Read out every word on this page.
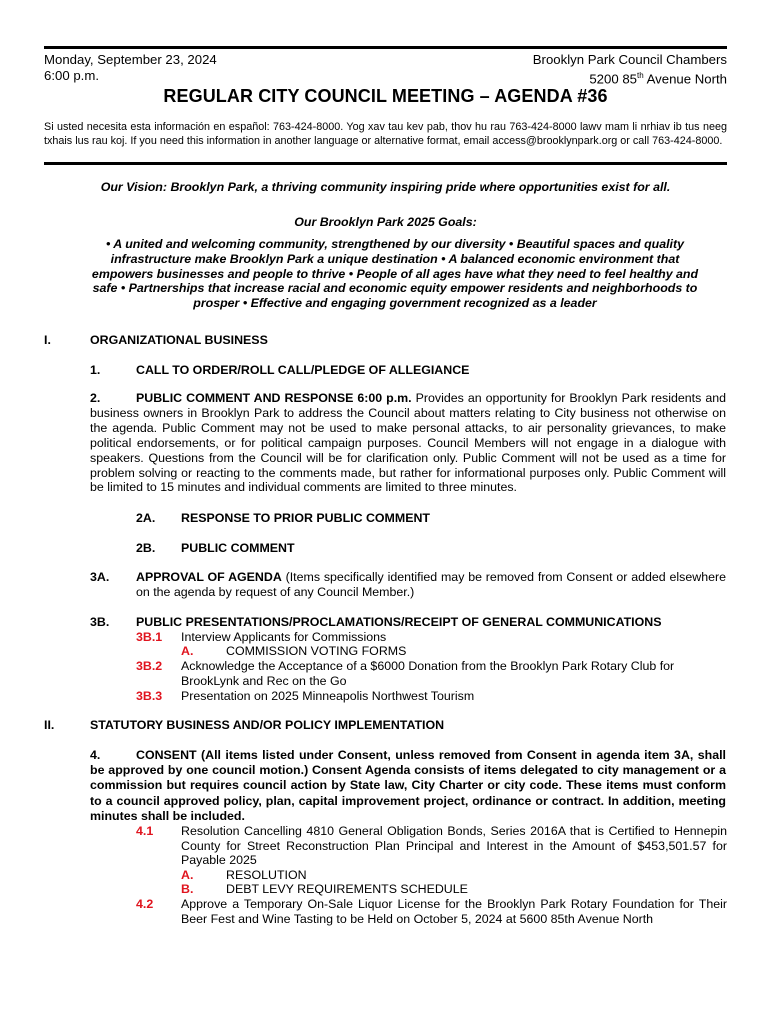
Monday, September 23, 2024
6:00 p.m.
Brooklyn Park Council Chambers
5200 85th Avenue North
REGULAR CITY COUNCIL MEETING – AGENDA #36
Si usted necesita esta información en español: 763-424-8000. Yog xav tau kev pab, thov hu rau 763-424-8000 lawv mam li nrhiav ib tus neeg txhais lus rau koj. If you need this information in another language or alternative format, email access@brooklynpark.org or call 763-424-8000.
Our Vision: Brooklyn Park, a thriving community inspiring pride where opportunities exist for all.
Our Brooklyn Park 2025 Goals:
• A united and welcoming community, strengthened by our diversity • Beautiful spaces and quality infrastructure make Brooklyn Park a unique destination • A balanced economic environment that empowers businesses and people to thrive • People of all ages have what they need to feel healthy and safe • Partnerships that increase racial and economic equity empower residents and neighborhoods to prosper • Effective and engaging government recognized as a leader
I.	ORGANIZATIONAL BUSINESS
1.	CALL TO ORDER/ROLL CALL/PLEDGE OF ALLEGIANCE
2.	PUBLIC COMMENT AND RESPONSE 6:00 p.m. Provides an opportunity for Brooklyn Park residents and business owners in Brooklyn Park to address the Council about matters relating to City business not otherwise on the agenda. Public Comment may not be used to make personal attacks, to air personality grievances, to make political endorsements, or for political campaign purposes. Council Members will not engage in a dialogue with speakers. Questions from the Council will be for clarification only. Public Comment will not be used as a time for problem solving or reacting to the comments made, but rather for informational purposes only. Public Comment will be limited to 15 minutes and individual comments are limited to three minutes.
2A. RESPONSE TO PRIOR PUBLIC COMMENT
2B. PUBLIC COMMENT
3A. APPROVAL OF AGENDA (Items specifically identified may be removed from Consent or added elsewhere on the agenda by request of any Council Member.)
3B. PUBLIC PRESENTATIONS/PROCLAMATIONS/RECEIPT OF GENERAL COMMUNICATIONS
3B.1 Interview Applicants for Commissions
A.	COMMISSION VOTING FORMS
3B.2 Acknowledge the Acceptance of a $6000 Donation from the Brooklyn Park Rotary Club for
BrookLynk and Rec on the Go
3B.3 Presentation on 2025 Minneapolis Northwest Tourism
II.	STATUTORY BUSINESS AND/OR POLICY IMPLEMENTATION
4.	CONSENT (All items listed under Consent, unless removed from Consent in agenda item 3A, shall be approved by one council motion.) Consent Agenda consists of items delegated to city management or a commission but requires council action by State law, City Charter or city code. These items must conform to a council approved policy, plan, capital improvement project, ordinance or contract. In addition, meeting minutes shall be included.
4.1 Resolution Cancelling 4810 General Obligation Bonds, Series 2016A that is Certified to Hennepin County for Street Reconstruction Plan Principal and Interest in the Amount of $453,501.57 for Payable 2025
A.	RESOLUTION
B.	DEBT LEVY REQUIREMENTS SCHEDULE
4.2 Approve a Temporary On-Sale Liquor License for the Brooklyn Park Rotary Foundation for Their Beer Fest and Wine Tasting to be Held on October 5, 2024 at 5600 85th Avenue North
